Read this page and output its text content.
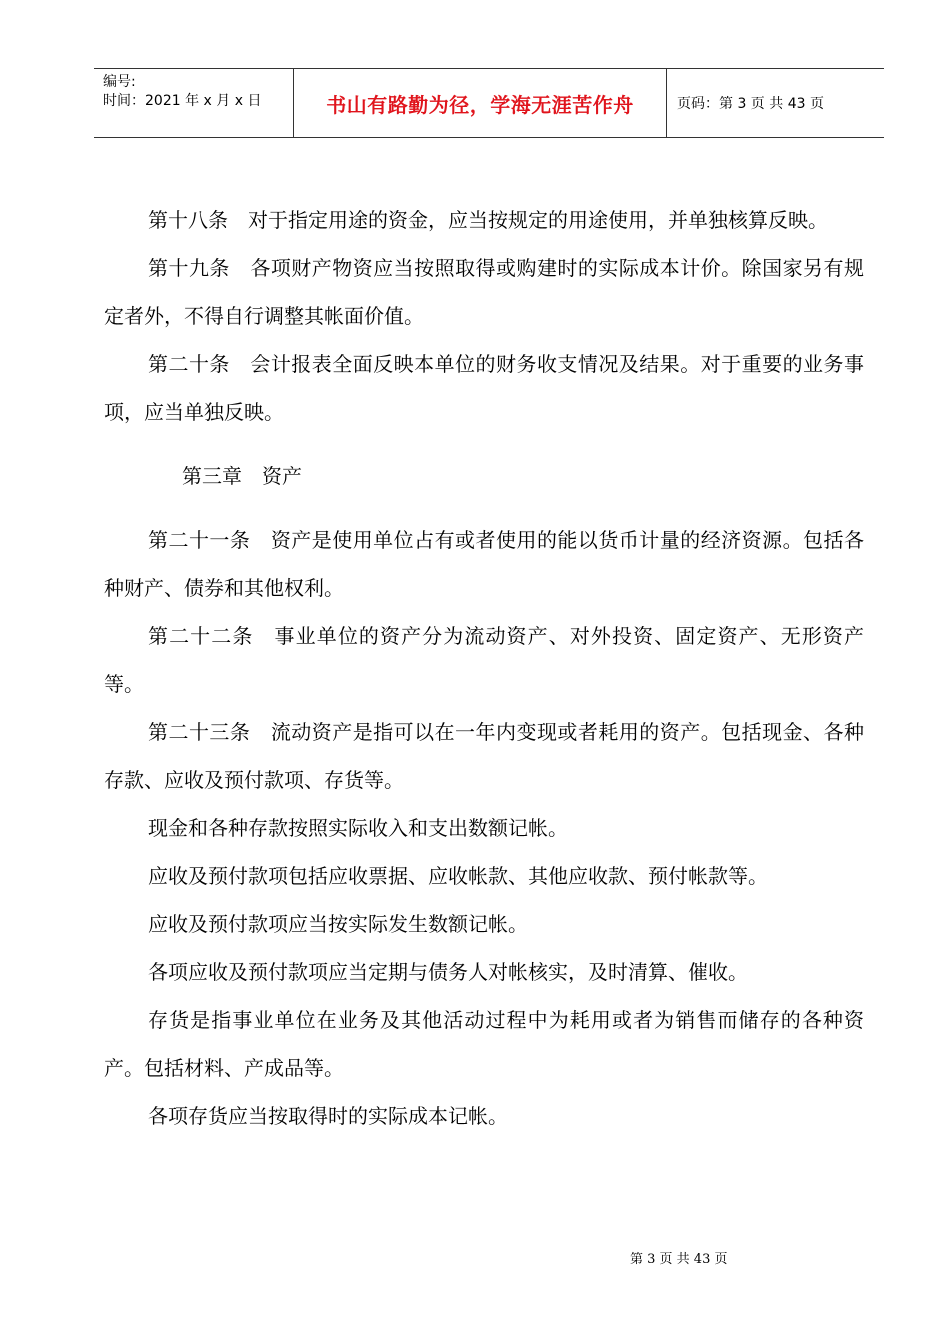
编号:
时间：2021 年 x 月 x 日	书山有路勤为径，学海无涯苦作舟	页码：第 3 页 共 43 页

第十八条　对于指定用途的资金，应当按规定的用途使用，并单独核算反映。

第十九条　各项财产物资应当按照取得或购建时的实际成本计价。除国家另有规定者外，不得自行调整其帐面价值。

第二十条　会计报表全面反映本单位的财务收支情况及结果。对于重要的业务事项，应当单独反映。

第三章　资产

第二十一条　资产是使用单位占有或者使用的能以货币计量的经济资源。包括各种财产、债券和其他权利。

第二十二条　事业单位的资产分为流动资产、对外投资、固定资产、无形资产等。

第二十三条　流动资产是指可以在一年内变现或者耗用的资产。包括现金、各种存款、应收及预付款项、存货等。

现金和各种存款按照实际收入和支出数额记帐。

应收及预付款项包括应收票据、应收帐款、其他应收款、预付帐款等。

应收及预付款项应当按实际发生数额记帐。

各项应收及预付款项应当定期与债务人对帐核实，及时清算、催收。

存货是指事业单位在业务及其他活动过程中为耗用或者为销售而储存的各种资产。包括材料、产成品等。

各项存货应当按取得时的实际成本记帐。

第 3 页 共 43 页
